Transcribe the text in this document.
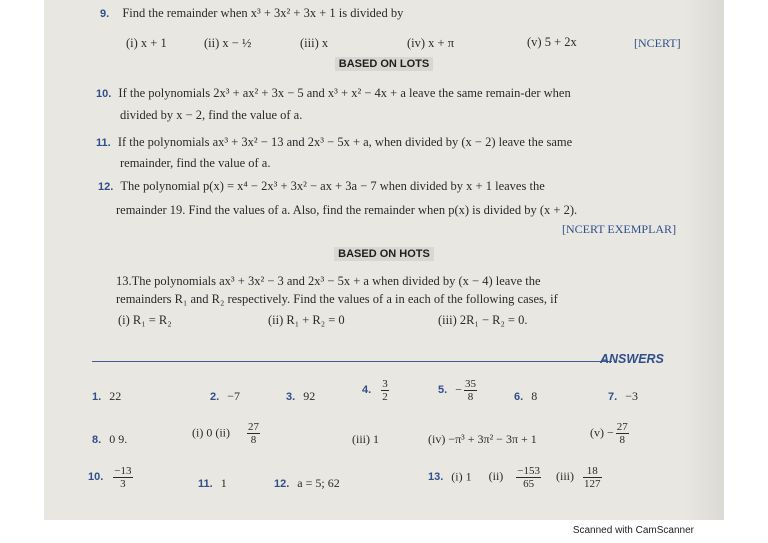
9. Find the remainder when x³ + 3x² + 3x + 1 is divided by
(i) x + 1	(ii) x − ½	(iii) x	(iv) x + π	(v) 5 + 2x	[NCERT]
BASED ON LOTS
10. If the polynomials 2x³ + ax² + 3x − 5 and x³ + x² − 4x + a leave the same remain-der when
divided by x − 2, find the value of a.
11. If the polynomials ax³ + 3x² − 13 and 2x³ − 5x + a, when divided by (x − 2) leave the same
remainder, find the value of a.
12. The polynomial p(x) = x⁴ − 2x³ + 3x² − ax + 3a − 7 when divided by x + 1 leaves the
remainder 19. Find the values of a. Also, find the remainder when p(x) is divided by (x + 2).
[NCERT EXEMPLAR]
BASED ON HOTS
13.The polynomials ax³ + 3x² − 3 and 2x³ − 5x + a when divided by (x − 4) leave the
remainders R₁ and R₂ respectively. Find the values of a in each of the following cases, if
(i) R₁ = R₂	(ii) R₁ + R₂ = 0	(iii) 2R₁ − R₂ = 0.
ANSWERS
1. 22	2. −7	3. 92	4. $\frac{3}{2}$	5. − $\frac{35}{8}$	6. 8	7. −3
8. 0 9.	(i) 0 $(ii) \frac{27}{8}$	(iii) 1	(iv) −π³ + 3π² − 3π + 1	$(v) - \frac{27}{8}$
10. $\frac{-13}{3}$	11. 1	12. a = 5; 62	13. (i) 1 $(ii) \frac{-153}{65} (iii) \frac{18}{127}$
Scanned with CamScanner
